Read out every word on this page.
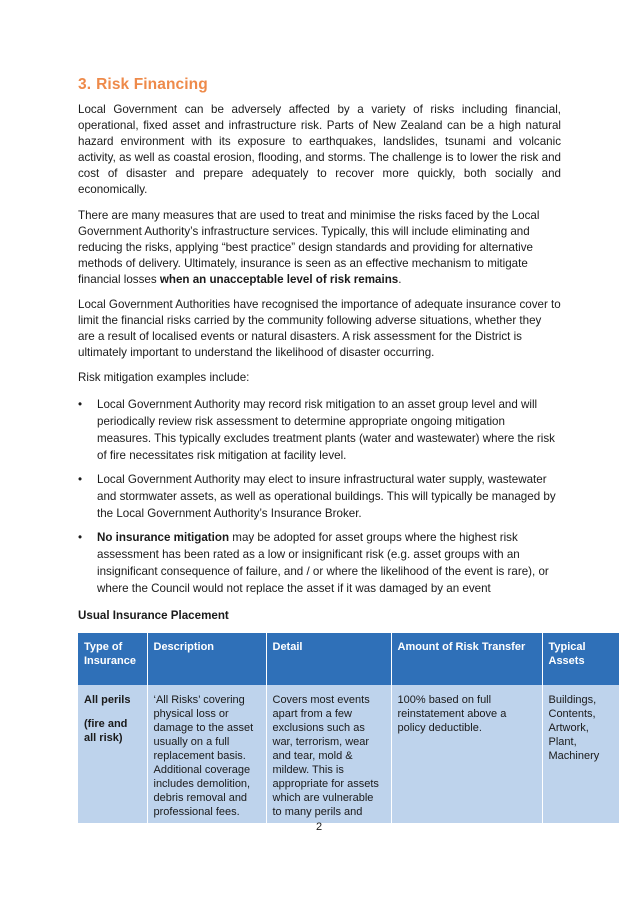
3. Risk Financing

Local Government can be adversely affected by a variety of risks including financial, operational, fixed asset and infrastructure risk. Parts of New Zealand can be a high natural hazard environment with its exposure to earthquakes, landslides, tsunami and volcanic activity, as well as coastal erosion, flooding, and storms. The challenge is to lower the risk and cost of disaster and prepare adequately to recover more quickly, both socially and economically.

There are many measures that are used to treat and minimise the risks faced by the Local Government Authority’s infrastructure services. Typically, this will include eliminating and reducing the risks, applying “best practice” design standards and providing for alternative methods of delivery. Ultimately, insurance is seen as an effective mechanism to mitigate financial losses when an unacceptable level of risk remains.

Local Government Authorities have recognised the importance of adequate insurance cover to limit the financial risks carried by the community following adverse situations, whether they are a result of localised events or natural disasters. A risk assessment for the District is ultimately important to understand the likelihood of disaster occurring.

Risk mitigation examples include:

• Local Government Authority may record risk mitigation to an asset group level and will periodically review risk assessment to determine appropriate ongoing mitigation measures. This typically excludes treatment plants (water and wastewater) where the risk of fire necessitates risk mitigation at facility level.
• Local Government Authority may elect to insure infrastructural water supply, wastewater and stormwater assets, as well as operational buildings. This will typically be managed by the Local Government Authority’s Insurance Broker.
• No insurance mitigation may be adopted for asset groups where the highest risk assessment has been rated as a low or insignificant risk (e.g. asset groups with an insignificant consequence of failure, and / or where the likelihood of the event is rare), or where the Council would not replace the asset if it was damaged by an event
Usual Insurance Placement
Type of Insurance	Description	Detail	Amount of Risk Transfer	Typical Assets

All perils
(fire and all risk)	‘All Risks’ covering physical loss or damage to the asset usually on a full replacement basis. Additional coverage includes demolition, debris removal and professional fees.	Covers most events apart from a few exclusions such as war, terrorism, wear and tear, mold & mildew. This is appropriate for assets which are vulnerable to many perils and	100% based on full reinstatement above a policy deductible.	Buildings, Contents, Artwork, Plant, Machinery
2
